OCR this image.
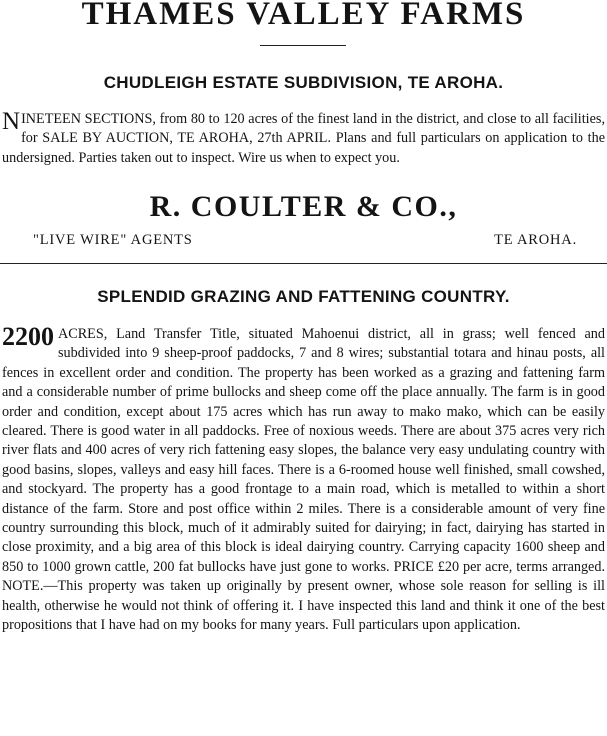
THAMES VALLEY FARMS
CHUDLEIGH ESTATE SUBDIVISION, TE AROHA.
NINETEEN SECTIONS, from 80 to 120 acres of the finest land in the district, and close to all facilities, for SALE BY AUCTION, TE AROHA, 27th APRIL. Plans and full particulars on application to the undersigned. Parties taken out to inspect. Wire us when to expect you.
R. COULTER & CO.,
"LIVE WIRE" AGENTS	TE AROHA.
SPLENDID GRAZING AND FATTENING COUNTRY.
2200 ACRES, Land Transfer Title, situated Mahoenui district, all in grass; well fenced and subdivided into 9 sheep-proof paddocks, 7 and 8 wires; substantial totara and hinau posts, all fences in excellent order and condition. The property has been worked as a grazing and fattening farm and a considerable number of prime bullocks and sheep come off the place annually. The farm is in good order and condition, except about 175 acres which has run away to mako mako, which can be easily cleared. There is good water in all paddocks. Free of noxious weeds. There are about 375 acres very rich river flats and 400 acres of very rich fattening easy slopes, the balance very easy undulating country with good basins, slopes, valleys and easy hill faces. There is a 6-roomed house well finished, small cowshed, and stockyard. The property has a good frontage to a main road, which is metalled to within a short distance of the farm. Store and post office within 2 miles. There is a considerable amount of very fine country surrounding this block, much of it admirably suited for dairying; in fact, dairying has started in close proximity, and a big area of this block is ideal dairying country. Carrying capacity 1600 sheep and 850 to 1000 grown cattle, 200 fat bullocks have just gone to works. PRICE £20 per acre, terms arranged. NOTE.—This property was taken up originally by present owner, whose sole reason for selling is ill health, otherwise he would not think of offering it. I have inspected this land and think it one of the best propositions that I have had on my books for many years. Full particulars upon application.
